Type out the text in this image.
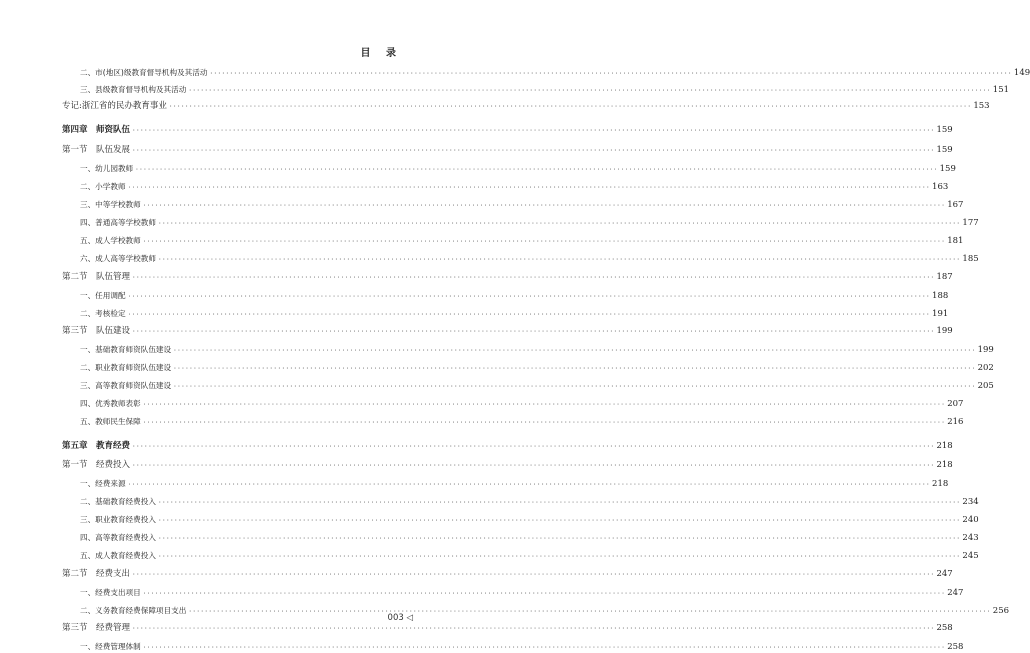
目 录
二、市(地区)级教育督导机构及其活动 ········································································································································································································ 149
三、县级教育督导机构及其活动 ········································································································································································································ 151
专记:浙江省的民办教育事业 ········································································································································································································ 153
第四章　师资队伍 ········································································································································································································ 159
第一节　队伍发展 ········································································································································································································ 159
一、幼儿园教师 ········································································································································································································ 159
二、小学教师 ········································································································································································································ 163
三、中等学校教师 ········································································································································································································ 167
四、普通高等学校教师 ········································································································································································································ 177
五、成人学校教师 ········································································································································································································ 181
六、成人高等学校教师 ········································································································································································································ 185
第二节　队伍管理 ········································································································································································································ 187
一、任用调配 ········································································································································································································ 188
二、考核检定 ········································································································································································································ 191
第三节　队伍建设 ········································································································································································································ 199
一、基础教育师资队伍建设 ········································································································································································································ 199
二、职业教育师资队伍建设 ········································································································································································································ 202
三、高等教育师资队伍建设 ········································································································································································································ 205
四、优秀教师表彰 ········································································································································································································ 207
五、教师民生保障 ········································································································································································································ 216
第五章　教育经费 ········································································································································································································ 218
第一节　经费投入 ········································································································································································································ 218
一、经费来源 ········································································································································································································ 218
二、基础教育经费投入 ········································································································································································································ 234
三、职业教育经费投入 ········································································································································································································ 240
四、高等教育经费投入 ········································································································································································································ 243
五、成人教育经费投入 ········································································································································································································ 245
第二节　经费支出 ········································································································································································································ 247
一、经费支出项目 ········································································································································································································ 247
二、义务教育经费保障项目支出 ········································································································································································································ 256
第三节　经费管理 ········································································································································································································ 258
一、经费管理体制 ········································································································································································································ 258
003 ◁
